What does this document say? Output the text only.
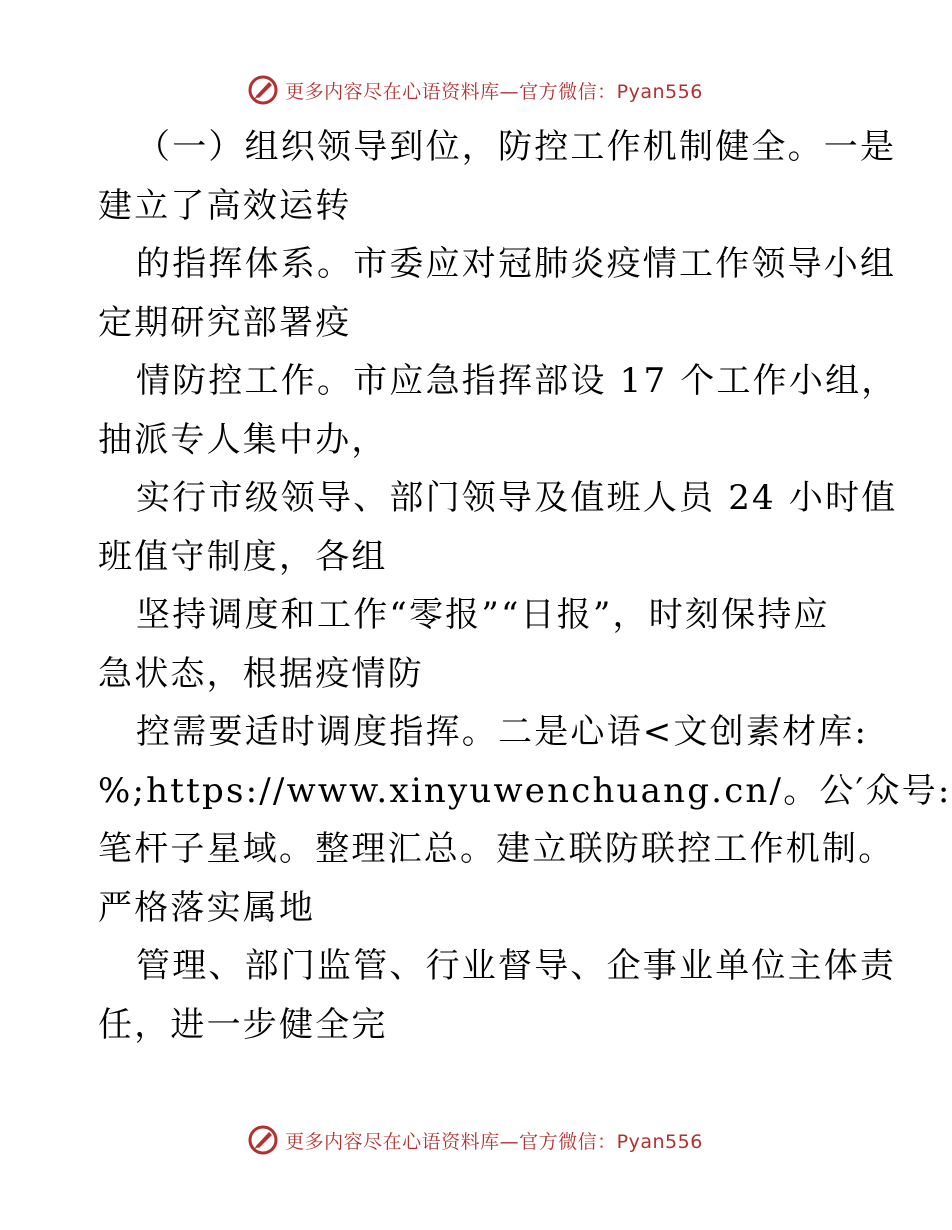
更多内容尽在心语资料库—官方微信：Pyan556
（一）组织领导到位，防控工作机制健全。一是
建立了高效运转
的指挥体系。市委应对冠肺炎疫情工作领导小组
定期研究部署疫
情防控工作。市应急指挥部设 17 个工作小组，
抽派专人集中办，
实行市级领导、部门领导及值班人员 24 小时值
班值守制度，各组
坚持调度和工作“零报”“日报”，时刻保持应
急状态，根据疫情防
控需要适时调度指挥。二是心语<文创素材库:
%;https://www.xinyuwenchuang.cn/。公′众号:
笔杆子星域。整理汇总。建立联防联控工作机制。
严格落实属地
管理、部门监管、行业督导、企事业单位主体责
任，进一步健全完
更多内容尽在心语资料库—官方微信：Pyan556
